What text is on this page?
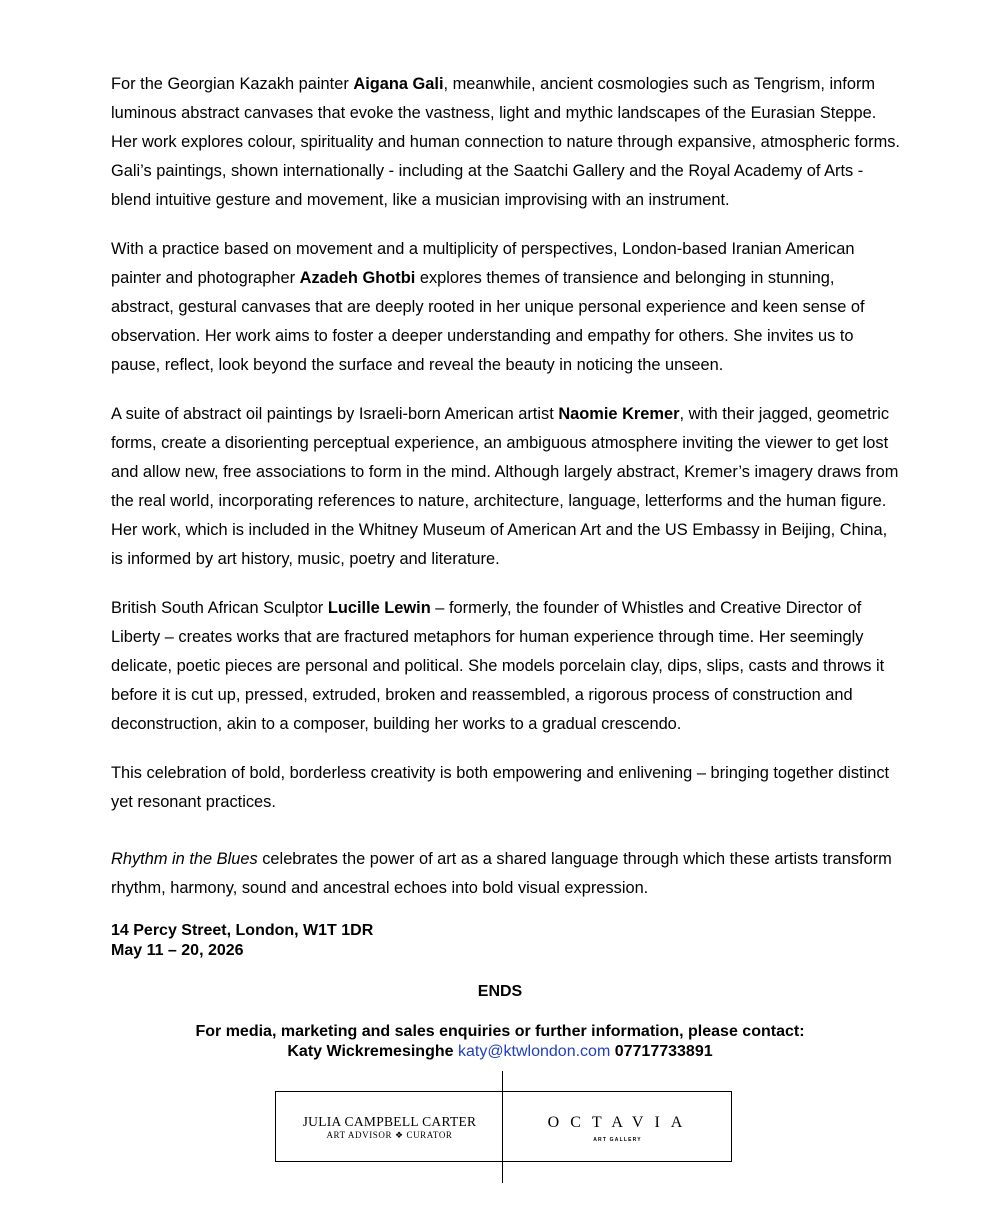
For the Georgian Kazakh painter Aigana Gali, meanwhile, ancient cosmologies such as Tengrism, inform luminous abstract canvases that evoke the vastness, light and mythic landscapes of the Eurasian Steppe. Her work explores colour, spirituality and human connection to nature through expansive, atmospheric forms. Gali’s paintings, shown internationally - including at the Saatchi Gallery and the Royal Academy of Arts - blend intuitive gesture and movement, like a musician improvising with an instrument.

With a practice based on movement and a multiplicity of perspectives, London-based Iranian American painter and photographer Azadeh Ghotbi explores themes of transience and belonging in stunning, abstract, gestural canvases that are deeply rooted in her unique personal experience and keen sense of observation. Her work aims to foster a deeper understanding and empathy for others. She invites us to pause, reflect, look beyond the surface and reveal the beauty in noticing the unseen.

A suite of abstract oil paintings by Israeli-born American artist Naomie Kremer, with their jagged, geometric forms, create a disorienting perceptual experience, an ambiguous atmosphere inviting the viewer to get lost and allow new, free associations to form in the mind. Although largely abstract, Kremer’s imagery draws from the real world, incorporating references to nature, architecture, language, letterforms and the human figure. Her work, which is included in the Whitney Museum of American Art and the US Embassy in Beijing, China, is informed by art history, music, poetry and literature.

British South African Sculptor Lucille Lewin – formerly, the founder of Whistles and Creative Director of Liberty – creates works that are fractured metaphors for human experience through time. Her seemingly delicate, poetic pieces are personal and political. She models porcelain clay, dips, slips, casts and throws it before it is cut up, pressed, extruded, broken and reassembled, a rigorous process of construction and deconstruction, akin to a composer, building her works to a gradual crescendo.

This celebration of bold, borderless creativity is both empowering and enlivening – bringing together distinct yet resonant practices.

Rhythm in the Blues celebrates the power of art as a shared language through which these artists transform rhythm, harmony, sound and ancestral echoes into bold visual expression.

14 Percy Street, London, W1T 1DR
May 11 – 20, 2026
ENDS
For media, marketing and sales enquiries or further information, please contact:
Katy Wickremesinghe katy@ktwlondon.com 07717733891
JULIA CAMPBELL CARTER
ART ADVISOR ❖ CURATOR
OCTAVIA
ART GALLERY
